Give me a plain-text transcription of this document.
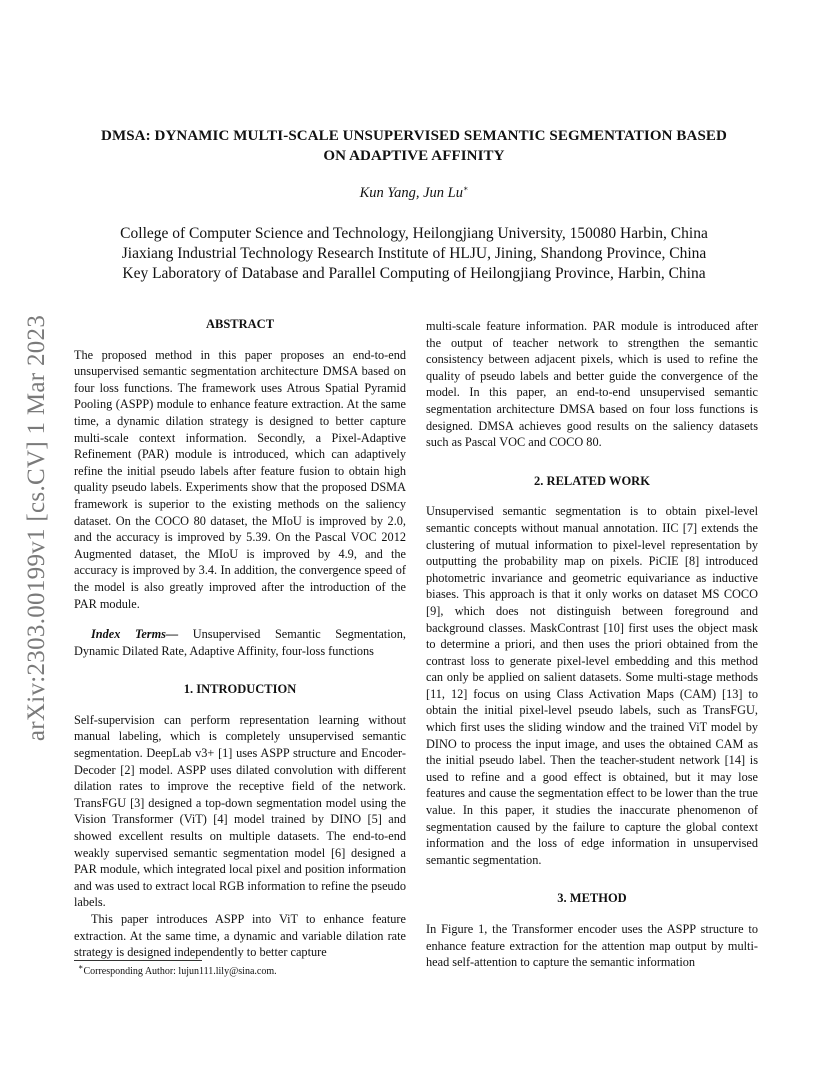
arXiv:2303.00199v1 [cs.CV] 1 Mar 2023
DMSA: DYNAMIC MULTI-SCALE UNSUPERVISED SEMANTIC SEGMENTATION BASED
ON ADAPTIVE AFFINITY
Kun Yang, Jun Lu∗
College of Computer Science and Technology, Heilongjiang University, 150080 Harbin, China
Jiaxiang Industrial Technology Research Institute of HLJU, Jining, Shandong Province, China
Key Laboratory of Database and Parallel Computing of Heilongjiang Province, Harbin, China
ABSTRACT

The proposed method in this paper proposes an end-to-end unsupervised semantic segmentation architecture DMSA based on four loss functions. The framework uses Atrous Spatial Pyramid Pooling (ASPP) module to enhance feature extraction. At the same time, a dynamic dilation strategy is designed to better capture multi-scale context information. Secondly, a Pixel-Adaptive Refinement (PAR) module is introduced, which can adaptively refine the initial pseudo labels after feature fusion to obtain high quality pseudo labels. Experiments show that the proposed DSMA framework is superior to the existing methods on the saliency dataset. On the COCO 80 dataset, the MIoU is improved by 2.0, and the accuracy is improved by 5.39. On the Pascal VOC 2012 Augmented dataset, the MIoU is improved by 4.9, and the accuracy is improved by 3.4. In addition, the convergence speed of the model is also greatly improved after the introduction of the PAR module.

Index Terms— Unsupervised Semantic Segmentation, Dynamic Dilated Rate, Adaptive Affinity, four-loss functions

1. INTRODUCTION

Self-supervision can perform representation learning without manual labeling, which is completely unsupervised semantic segmentation. DeepLab v3+ [1] uses ASPP structure and Encoder-Decoder [2] model. ASPP uses dilated convolution with different dilation rates to improve the receptive field of the network. TransFGU [3] designed a top-down segmentation model using the Vision Transformer (ViT) [4] model trained by DINO [5] and showed excellent results on multiple datasets. The end-to-end weakly supervised semantic segmentation model [6] designed a PAR module, which integrated local pixel and position information and was used to extract local RGB information to refine the pseudo labels.

This paper introduces ASPP into ViT to enhance feature extraction. At the same time, a dynamic and variable dilation rate strategy is designed independently to better capture

multi-scale feature information. PAR module is introduced after the output of teacher network to strengthen the semantic consistency between adjacent pixels, which is used to refine the quality of pseudo labels and better guide the convergence of the model. In this paper, an end-to-end unsupervised semantic segmentation architecture DMSA based on four loss functions is designed. DMSA achieves good results on the saliency datasets such as Pascal VOC and COCO 80.

2. RELATED WORK

Unsupervised semantic segmentation is to obtain pixel-level semantic concepts without manual annotation. IIC [7] extends the clustering of mutual information to pixel-level representation by outputting the probability map on pixels. PiCIE [8] introduced photometric invariance and geometric equivariance as inductive biases. This approach is that it only works on dataset MS COCO [9], which does not distinguish between foreground and background classes. MaskContrast [10] first uses the object mask to determine a priori, and then uses the priori obtained from the contrast loss to generate pixel-level embedding and this method can only be applied on salient datasets. Some multi-stage methods [11, 12] focus on using Class Activation Maps (CAM) [13] to obtain the initial pixel-level pseudo labels, such as TransFGU, which first uses the sliding window and the trained ViT model by DINO to process the input image, and uses the obtained CAM as the initial pseudo label. Then the teacher-student network [14] is used to refine and a good effect is obtained, but it may lose features and cause the segmentation effect to be lower than the true value. In this paper, it studies the inaccurate phenomenon of segmentation caused by the failure to capture the global context information and the loss of edge information in unsupervised semantic segmentation.

3. METHOD

In Figure 1, the Transformer encoder uses the ASPP structure to enhance feature extraction for the attention map output by multi-head self-attention to capture the semantic information

∗Corresponding Author: lujun111.lily@sina.com.
